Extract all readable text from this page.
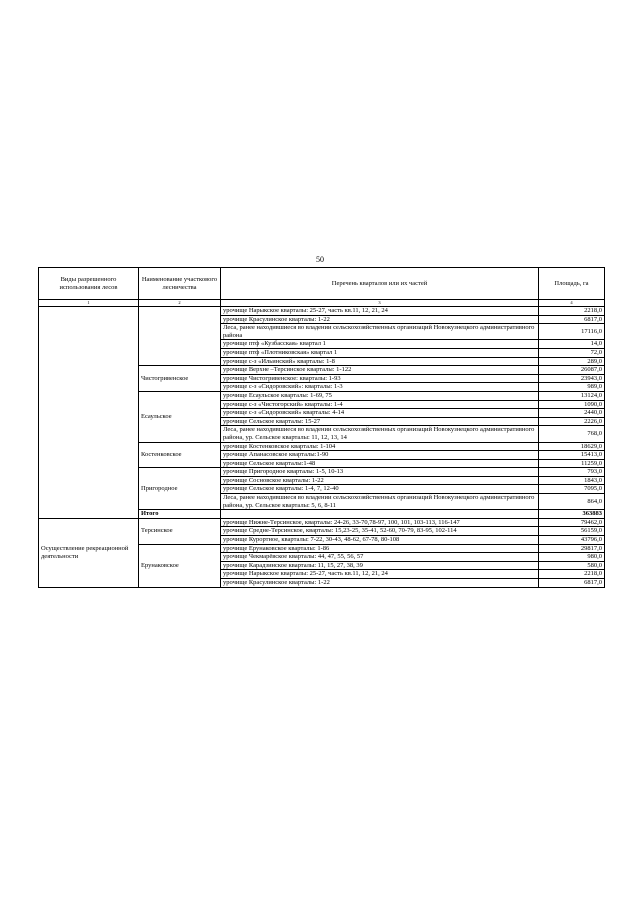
50
Виды разрешенного использования лесов	Наименование участкового лесничества	Перечень кварталов или их частей	Площадь, га
1	2	3	4
		урочище Нарыкское кварталы: 25-27, часть кв.11, 12, 21, 24	2218,0
		урочище Красулинское кварталы: 1-22	6817,0
		Леса, ранее находившиеся во владении сельскохозяйственных организаций Новокузнецкого административного района	17116,0
		урочище птф «Кузбасская» квартал 1	14,0
		урочище птф «Плотниковская» квартал 1	72,0
		урочище с-з «Ильинский» кварталы: 1-8	289,0
	Чистогривенское	урочище Верхне –Терсинское кварталы: 1-122	26087,0
		урочище Чистогривенское: кварталы: 1-93	23943,0
		урочище с-з «Сидоровский»: кварталы: 1-3	989,0
	Есаульское	урочище Есаульское кварталы: 1-69, 75	13124,0
		урочище с-з «Чистогорский» кварталы: 1-4	1090,0
		урочище с-з «Сидоровский» кварталы: 4-14	2440,0
		урочище Сельское кварталы: 15-27	2226,0
		Леса, ранее находившиеся во владении сельскохозяйственных организаций Новокузнецкого административного района, ур. Сельское кварталы: 11, 12, 13, 14	768,0
	Костенковское	урочище Костенковское кварталы: 1-104	18629,0
		урочище Апанасовское кварталы:1-90	15413,0
		урочище Сельское кварталы:1-48	11259,0
	Пригородное	урочище Пригородное кварталы: 1-5, 10-13	793,0
		урочище Сосновское кварталы: 1-22	1843,0
		урочище Сельское кварталы: 1-4, 7, 12-40	7095,0
		Леса, ранее находившиеся во владении сельскохозяйственных организаций Новокузнецкого административного района, ур. Сельское кварталы: 5, 6, 8-11	864,0
	Итого		363883
Осуществление рекреационной деятельности	Терсинское	урочище Нижне-Терсинское, кварталы: 24-26, 33-70,78-97, 100, 101, 103-113, 116-147	79462,0
		урочище Средне-Терсинское, кварталы: 15,23-25, 35-41, 52-60, 70-79, 83-95, 102-114	56159,0
		урочище Курортное, кварталы: 7-22, 30-43, 48-62, 67-78, 80-108	43796,0
	Ерунаковское	урочище Ерунаковское кварталы: 1-86	29817,0
		урочище Чекмарёвское кварталы: 44, 47, 55, 56, 57	980,0
		урочище Карадзинское кварталы: 11, 15, 27, 38, 39	580,0
		урочище Нарыкское кварталы: 25-27, часть кв.11, 12, 21, 24	2218,0
		урочище Красулинское кварталы: 1-22	6817,0
